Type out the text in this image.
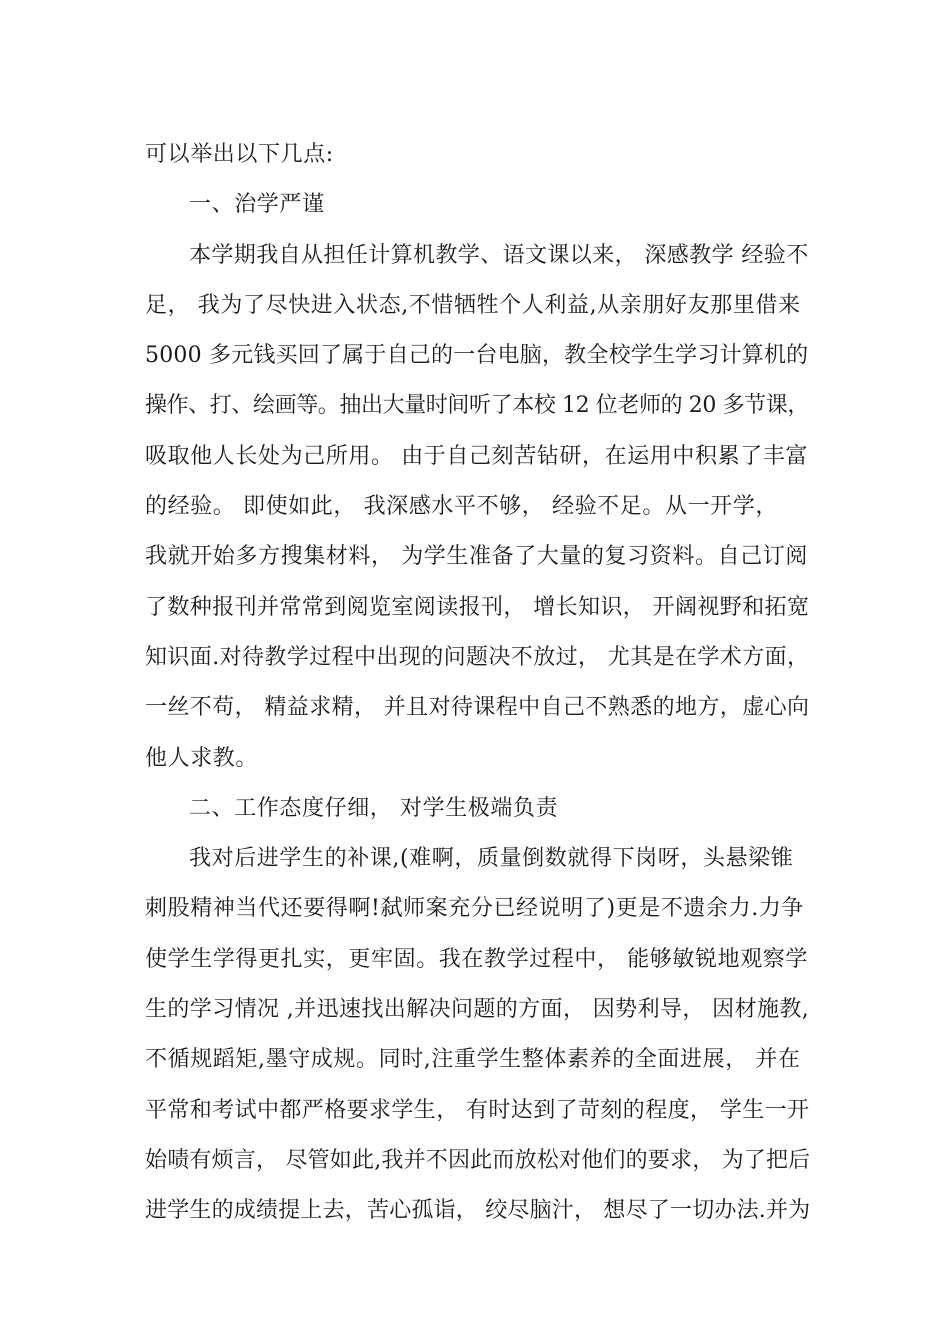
可以举出以下几点:
一、治学严谨
本学期我自从担任计算机教学、语文课以来， 深感教学 经验不
足， 我为了尽快进入状态,不惜牺牲个人利益,从亲朋好友那里借来
5000 多元钱买回了属于自己的一台电脑，教全校学生学习计算机的
操作、打、绘画等。抽出大量时间听了本校 12 位老师的 20 多节课，
吸取他人长处为己所用。 由于自己刻苦钻研，在运用中积累了丰富
的经验。 即使如此， 我深感水平不够， 经验不足。从一开学，
我就开始多方搜集材料， 为学生准备了大量的复习资料。自己订阅
了数种报刊并常常到阅览室阅读报刊， 增长知识， 开阔视野和拓宽
知识面.对待教学过程中出现的问题决不放过， 尤其是在学术方面，
一丝不苟， 精益求精， 并且对待课程中自己不熟悉的地方，虚心向
他人求教。
二、工作态度仔细， 对学生极端负责
我对后进学生的补课,(难啊，质量倒数就得下岗呀，头悬梁锥
刺股精神当代还要得啊!弑师案充分已经说明了)更是不遗余力.力争
使学生学得更扎实，更牢固。我在教学过程中， 能够敏锐地观察学
生的学习情况 ,并迅速找出解决问题的方面， 因势利导， 因材施教,
不循规蹈矩,墨守成规。同时,注重学生整体素养的全面进展， 并在
平常和考试中都严格要求学生， 有时达到了苛刻的程度， 学生一开
始啧有烦言， 尽管如此,我并不因此而放松对他们的要求， 为了把后
进学生的成绩提上去，苦心孤诣， 绞尽脑汁， 想尽了一切办法.并为
